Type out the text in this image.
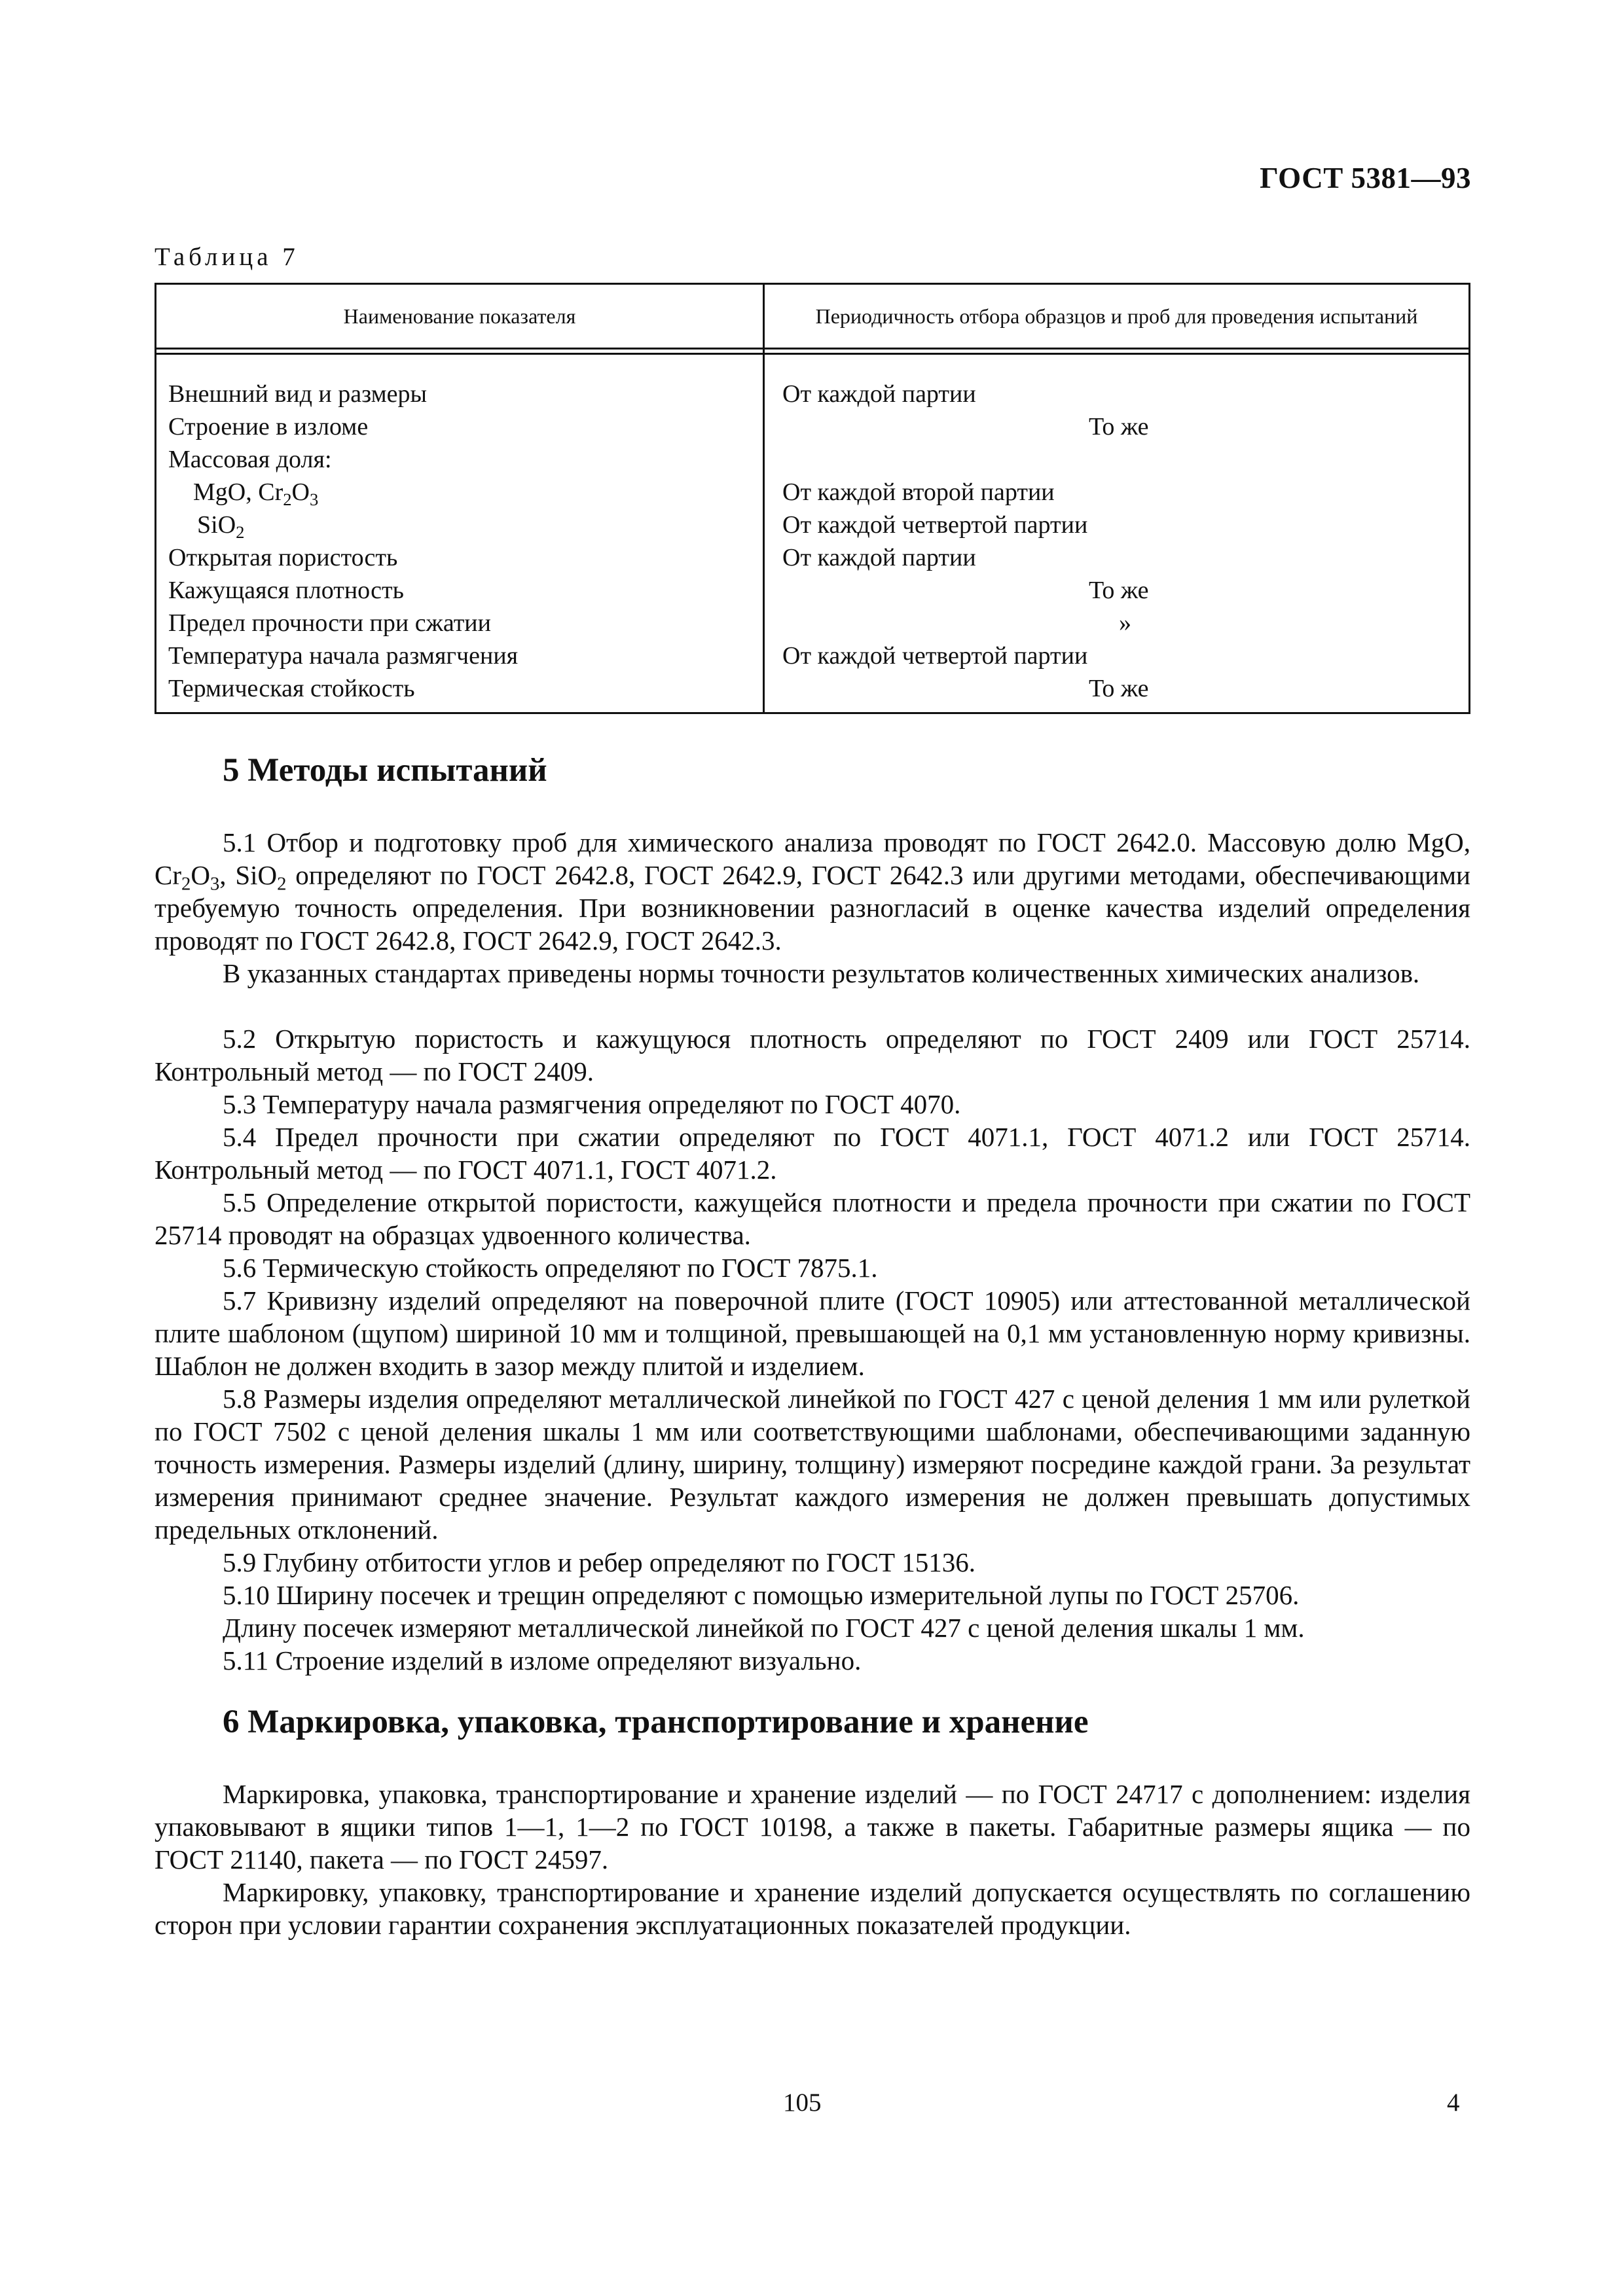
ГОСТ 5381—93
Таблица 7
Наименование показателя	Периодичность отбора образцов и проб для проведения испытаний
Внешний вид и размеры	От каждой партии
Строение в изломе	То же
Массовая доля:
MgO, $Cr_2O_3$	От каждой второй партии
SiO$_2$	От каждой четвертой партии
Открытая пористость	От каждой партии
Кажущаяся плотность	То же
Предел прочности при сжатии	»
Температура начала размягчения	От каждой четвертой партии
Термическая стойкость	То же
5 Методы испытаний
5.1 Отбор и подготовку проб для химического анализа проводят по ГОСТ 2642.0. Массовую долю MgO, $Cr_2O_3$, SiO$_2$ определяют по ГОСТ 2642.8, ГОСТ 2642.9, ГОСТ 2642.3 или другими методами, обеспечивающими требуемую точность определения. При возникновении разногласий в оценке качества изделий определения проводят по ГОСТ 2642.8, ГОСТ 2642.9, ГОСТ 2642.3.
В указанных стандартах приведены нормы точности результатов количественных химических анализов.
5.2 Открытую пористость и кажущуюся плотность определяют по ГОСТ 2409 или ГОСТ 25714. Контрольный метод — по ГОСТ 2409.
5.3 Температуру начала размягчения определяют по ГОСТ 4070.
5.4 Предел прочности при сжатии определяют по ГОСТ 4071.1, ГОСТ 4071.2 или ГОСТ 25714. Контрольный метод — по ГОСТ 4071.1, ГОСТ 4071.2.
5.5 Определение открытой пористости, кажущейся плотности и предела прочности при сжатии по ГОСТ 25714 проводят на образцах удвоенного количества.
5.6 Термическую стойкость определяют по ГОСТ 7875.1.
5.7 Кривизну изделий определяют на поверочной плите (ГОСТ 10905) или аттестованной металлической плите шаблоном (щупом) шириной 10 мм и толщиной, превышающей на 0,1 мм установленную норму кривизны. Шаблон не должен входить в зазор между плитой и изделием.
5.8 Размеры изделия определяют металлической линейкой по ГОСТ 427 с ценой деления 1 мм или рулеткой по ГОСТ 7502 с ценой деления шкалы 1 мм или соответствующими шаблонами, обеспечивающими заданную точность измерения. Размеры изделий (длину, ширину, толщину) измеряют посредине каждой грани. За результат измерения принимают среднее значение. Результат каждого измерения не должен превышать допустимых предельных отклонений.
5.9 Глубину отбитости углов и ребер определяют по ГОСТ 15136.
5.10 Ширину посечек и трещин определяют с помощью измерительной лупы по ГОСТ 25706.
Длину посечек измеряют металлической линейкой по ГОСТ 427 с ценой деления шкалы 1 мм.
5.11 Строение изделий в изломе определяют визуально.
6 Маркировка, упаковка, транспортирование и хранение
Маркировка, упаковка, транспортирование и хранение изделий — по ГОСТ 24717 с дополнением: изделия упаковывают в ящики типов 1—1, 1—2 по ГОСТ 10198, а также в пакеты. Габаритные размеры ящика — по ГОСТ 21140, пакета — по ГОСТ 24597.
Маркировку, упаковку, транспортирование и хранение изделий допускается осуществлять по соглашению сторон при условии гарантии сохранения эксплуатационных показателей продукции.
105	4
